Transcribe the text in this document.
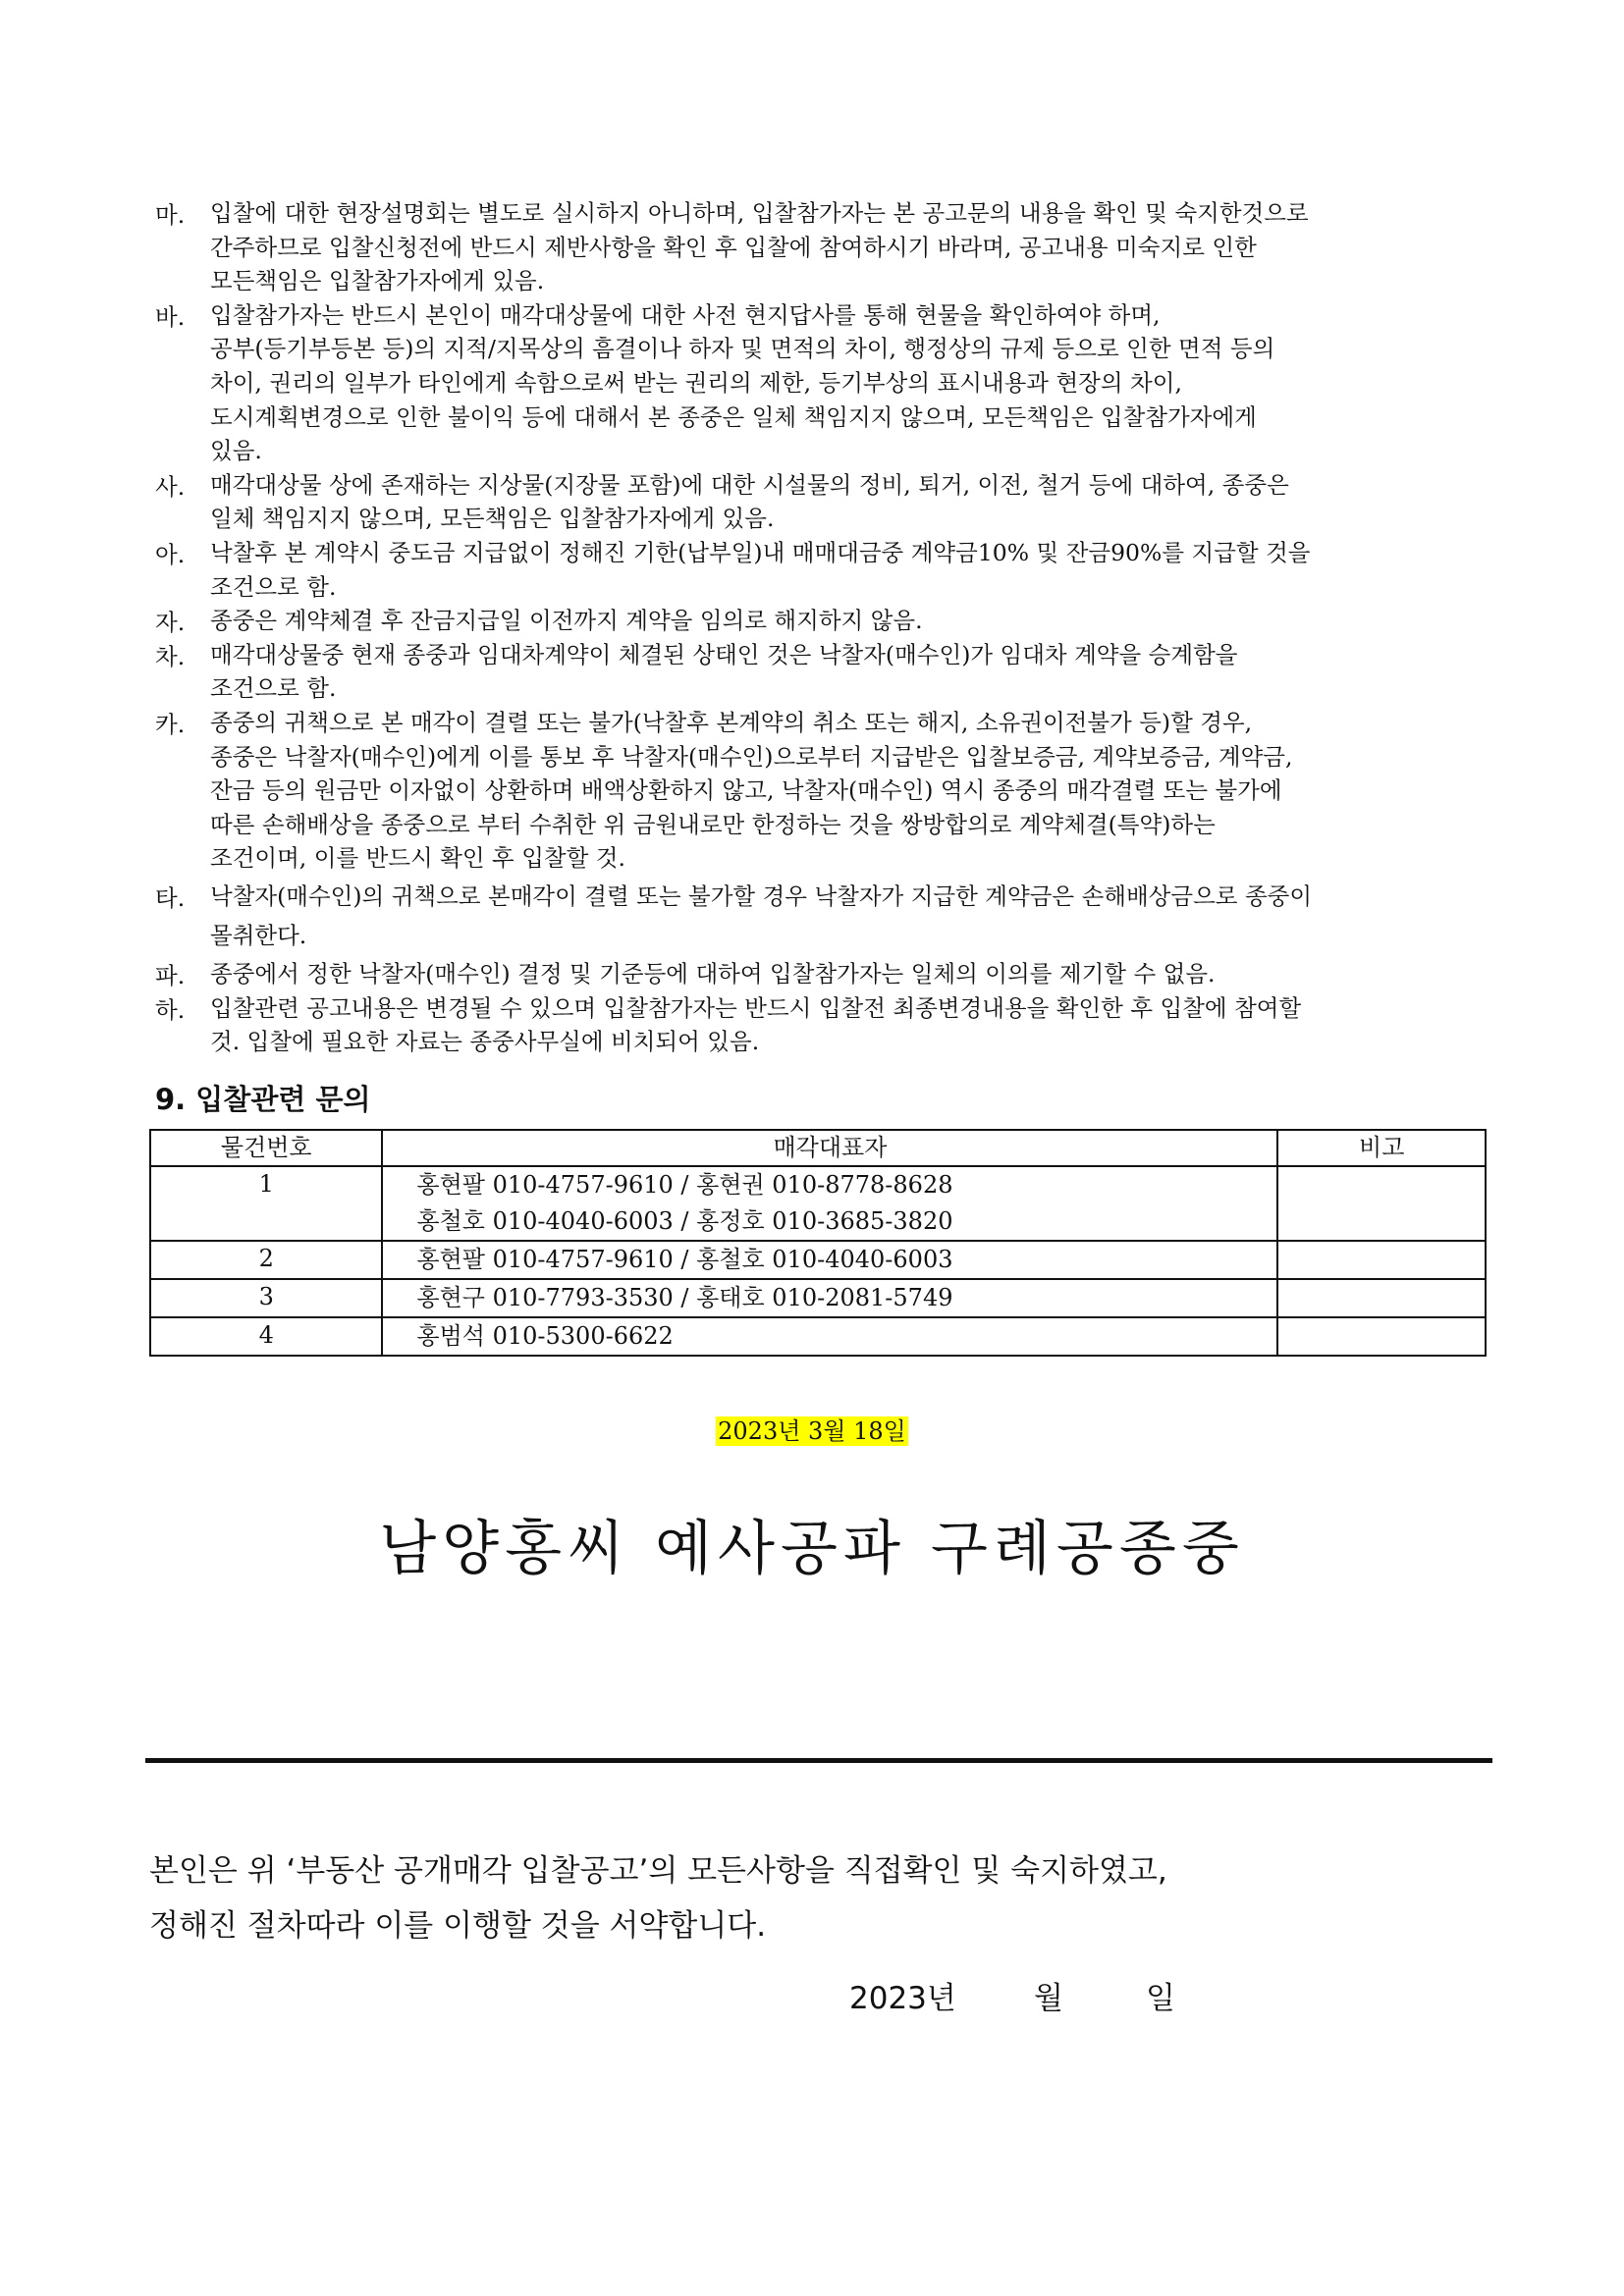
마. 입찰에 대한 현장설명회는 별도로 실시하지 아니하며, 입찰참가자는 본 공고문의 내용을 확인 및 숙지한것으로
간주하므로 입찰신청전에 반드시 제반사항을 확인 후 입찰에 참여하시기 바라며, 공고내용 미숙지로 인한
모든책임은 입찰참가자에게 있음.
바. 입찰참가자는 반드시 본인이 매각대상물에 대한 사전 현지답사를 통해 현물을 확인하여야 하며,
공부(등기부등본 등)의 지적/지목상의 흠결이나 하자 및 면적의 차이, 행정상의 규제 등으로 인한 면적 등의
차이, 권리의 일부가 타인에게 속함으로써 받는 권리의 제한, 등기부상의 표시내용과 현장의 차이,
도시계획변경으로 인한 불이익 등에 대해서 본 종중은 일체 책임지지 않으며, 모든책임은 입찰참가자에게
있음.
사. 매각대상물 상에 존재하는 지상물(지장물 포함)에 대한 시설물의 정비, 퇴거, 이전, 철거 등에 대하여, 종중은
일체 책임지지 않으며, 모든책임은 입찰참가자에게 있음.
아. 낙찰후 본 계약시 중도금 지급없이 정해진 기한(납부일)내 매매대금중 계약금10% 및 잔금90%를 지급할 것을
조건으로 함.
자. 종중은 계약체결 후 잔금지급일 이전까지 계약을 임의로 해지하지 않음.
차. 매각대상물중 현재 종중과 임대차계약이 체결된 상태인 것은 낙찰자(매수인)가 임대차 계약을 승계함을
조건으로 함.
카. 종중의 귀책으로 본 매각이 결렬 또는 불가(낙찰후 본계약의 취소 또는 해지, 소유권이전불가 등)할 경우,
종중은 낙찰자(매수인)에게 이를 통보 후 낙찰자(매수인)으로부터 지급받은 입찰보증금, 계약보증금, 계약금,
잔금 등의 원금만 이자없이 상환하며 배액상환하지 않고, 낙찰자(매수인) 역시 종중의 매각결렬 또는 불가에
따른 손해배상을 종중으로 부터 수취한 위 금원내로만 한정하는 것을 쌍방합의로 계약체결(특약)하는
조건이며, 이를 반드시 확인 후 입찰할 것.
타. 낙찰자(매수인)의 귀책으로 본매각이 결렬 또는 불가할 경우 낙찰자가 지급한 계약금은 손해배상금으로 종중이
몰취한다.
파. 종중에서 정한 낙찰자(매수인) 결정 및 기준등에 대하여 입찰참가자는 일체의 이의를 제기할 수 없음.
하. 입찰관련 공고내용은 변경될 수 있으며 입찰참가자는 반드시 입찰전 최종변경내용을 확인한 후 입찰에 참여할
것. 입찰에 필요한 자료는 종중사무실에 비치되어 있음.
9. 입찰관련 문의
물건번호	매각대표자	비고
1	홍현팔 010-4757-9610 / 홍현권 010-8778-8628
홍철호 010-4040-6003 / 홍정호 010-3685-3820	

2	홍현팔 010-4757-9610 / 홍철호 010-4040-6003	

3	홍현구 010-7793-3530 / 홍태호 010-2081-5749	

4	홍범석 010-5300-6622	

2023년 3월 18일
남양홍씨 예사공파 구례공종중
본인은 위 ‘부동산 공개매각 입찰공고’의 모든사항을 직접확인 및 숙지하였고,
정해진 절차따라 이를 이행할 것을 서약합니다.
2023년	월	일
